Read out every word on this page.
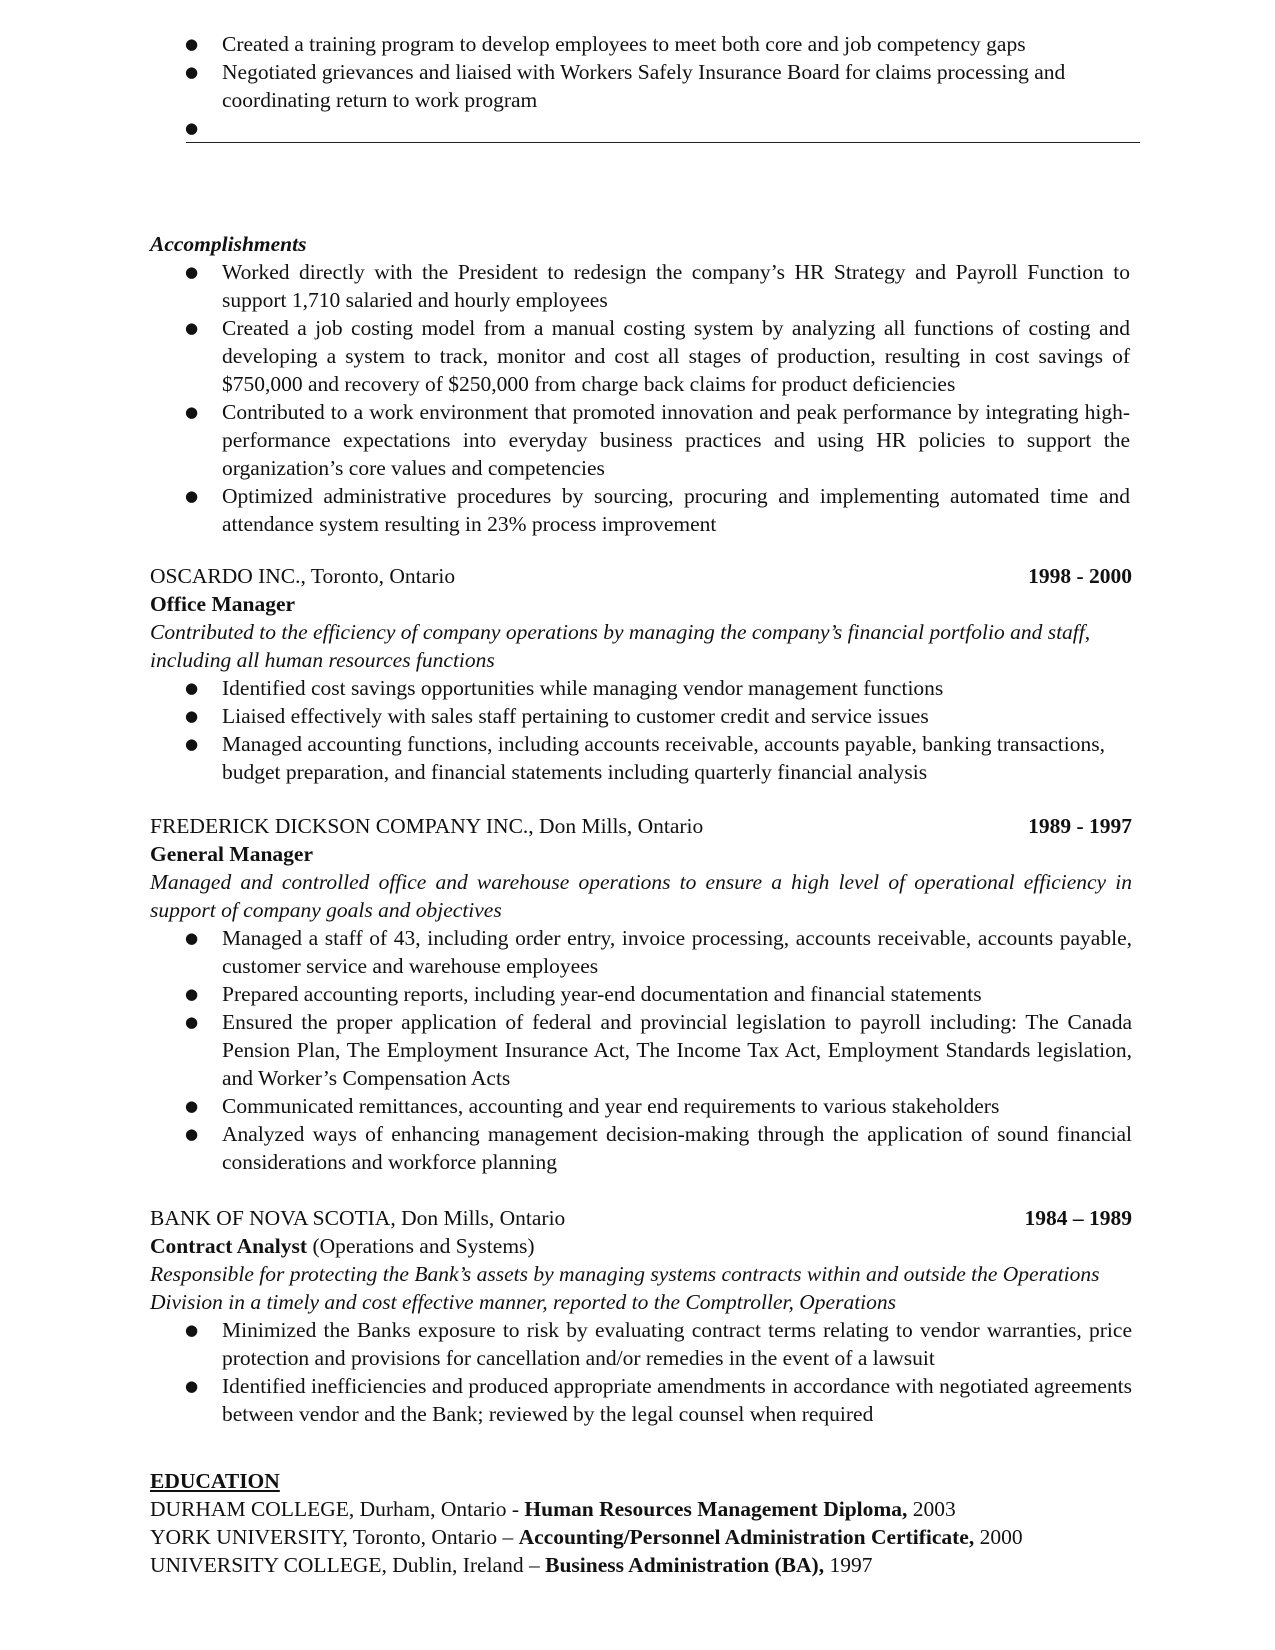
● Created a training program to develop employees to meet both core and job competency gaps
● Negotiated grievances and liaised with Workers Safely Insurance Board for claims processing and coordinating return to work program
●
Accomplishments
● Worked directly with the President to redesign the company’s HR Strategy and Payroll Function to support 1,710 salaried and hourly employees
● Created a job costing model from a manual costing system by analyzing all functions of costing and developing a system to track, monitor and cost all stages of production, resulting in cost savings of $750,000 and recovery of $250,000 from charge back claims for product deficiencies
● Contributed to a work environment that promoted innovation and peak performance by integrating high-performance expectations into everyday business practices and using HR policies to support the organization’s core values and competencies
● Optimized administrative procedures by sourcing, procuring and implementing automated time and attendance system resulting in 23% process improvement
OSCARDO INC., Toronto, Ontario	1998 - 2000
Office Manager
Contributed to the efficiency of company operations by managing the company’s financial portfolio and staff, including all human resources functions
● Identified cost savings opportunities while managing vendor management functions
● Liaised effectively with sales staff pertaining to customer credit and service issues
● Managed accounting functions, including accounts receivable, accounts payable, banking transactions, budget preparation, and financial statements including quarterly financial analysis
FREDERICK DICKSON COMPANY INC., Don Mills, Ontario	1989 - 1997
General Manager
Managed and controlled office and warehouse operations to ensure a high level of operational efficiency in support of company goals and objectives
● Managed a staff of 43, including order entry, invoice processing, accounts receivable, accounts payable, customer service and warehouse employees
● Prepared accounting reports, including year-end documentation and financial statements
● Ensured the proper application of federal and provincial legislation to payroll including: The Canada Pension Plan, The Employment Insurance Act, The Income Tax Act, Employment Standards legislation, and Worker’s Compensation Acts
● Communicated remittances, accounting and year end requirements to various stakeholders
● Analyzed ways of enhancing management decision-making through the application of sound financial considerations and workforce planning
BANK OF NOVA SCOTIA, Don Mills, Ontario	1984 – 1989
Contract Analyst (Operations and Systems)
Responsible for protecting the Bank’s assets by managing systems contracts within and outside the Operations Division in a timely and cost effective manner, reported to the Comptroller, Operations
● Minimized the Banks exposure to risk by evaluating contract terms relating to vendor warranties, price protection and provisions for cancellation and/or remedies in the event of a lawsuit
● Identified inefficiencies and produced appropriate amendments in accordance with negotiated agreements between vendor and the Bank; reviewed by the legal counsel when required
EDUCATION
DURHAM COLLEGE, Durham, Ontario - Human Resources Management Diploma, 2003
YORK UNIVERSITY, Toronto, Ontario – Accounting/Personnel Administration Certificate, 2000
UNIVERSITY COLLEGE, Dublin, Ireland – Business Administration (BA), 1997
